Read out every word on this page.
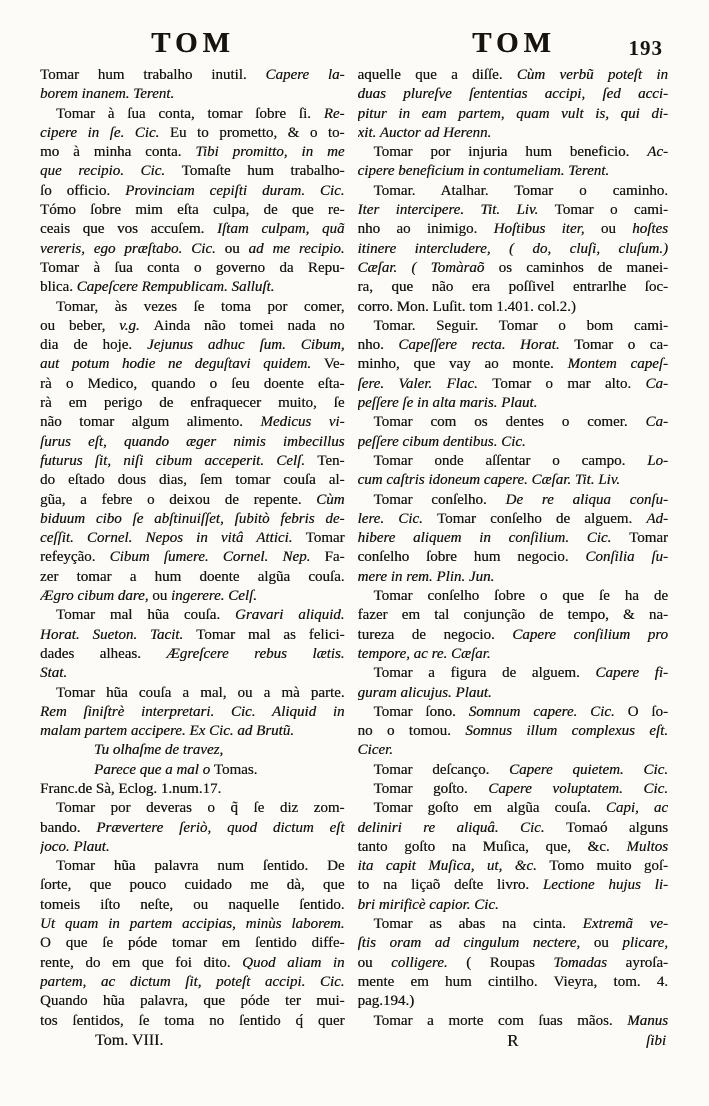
TOM	TOM	193
Tomar hum trabalho inutil. Capere la-
borem inanem. Terent.
Tomar à ſua conta, tomar ſobre ſi. Re-
cipere in ſe. Cic. Eu to prometto, & o to-
mo à minha conta. Tibi promitto, in me
que recipio. Cic. Tomaſte hum trabalho-
ſo officio. Provinciam cepiſti duram. Cic.
Tómo ſobre mim eſta culpa, de que re-
ceais que vos accuſem. Iſtam culpam, quã
vereris, ego præſtabo. Cic. ou ad me recipio.
Tomar à ſua conta o governo da Repu-
blica. Capeſcere Rempublicam. Salluſt.
Tomar, às vezes ſe toma por comer,
ou beber, v.g. Ainda não tomei nada no
dia de hoje. Jejunus adhuc ſum. Cibum,
aut potum hodie ne deguſtavi quidem. Ve-
rà o Medico, quando o ſeu doente eſta-
rà em perigo de enfraquecer muito, ſe
não tomar algum alimento. Medicus vi-
ſurus eſt, quando æger nimis imbecillus
futurus ſit, niſi cibum acceperit. Celſ. Ten-
do eſtado dous dias, ſem tomar couſa al-
gũa, a febre o deixou de repente. Cùm
biduum cibo ſe abſtinuiſſet, ſubitò febris de-
ceſſit. Cornel. Nepos in vitâ Attici. Tomar
refeyção. Cibum ſumere. Cornel. Nep. Fa-
zer tomar a hum doente algũa couſa.
Ægro cibum dare, ou ingerere. Celſ.
Tomar mal hũa couſa. Gravari aliquid.
Horat. Sueton. Tacit. Tomar mal as felici-
dades alheas. Ægreſcere rebus lætis.
Stat.
Tomar hũa couſa a mal, ou a mà parte.
Rem ſiniſtrè interpretari. Cic. Aliquid in
malam partem accipere. Ex Cic. ad Brutũ.
Tu olhaſme de travez,
Parece que a mal o Tomas.
Franc.de Sà, Eclog. 1.num.17.
Tomar por deveras o q̃ ſe diz zom-
bando. Prævertere ſeriò, quod dictum eſt
joco. Plaut.
Tomar hũa palavra num ſentido. De
ſorte, que pouco cuidado me dà, que
tomeis iſto neſte, ou naquelle ſentido.
Ut quam in partem accipias, minùs laborem.
O que ſe póde tomar em ſentido diffe-
rente, do em que foi dito. Quod aliam in
partem, ac dictum ſit, poteſt accipi. Cic.
Quando hũa palavra, que póde ter mui-
tos ſentidos, ſe toma no ſentido q́ quer
aquelle que a diſſe. Cùm verbũ poteſt in
duas plureſve ſententias accipi, ſed acci-
pitur in eam partem, quam vult is, qui di-
xit. Auctor ad Herenn.
Tomar por injuria hum beneficio. Ac-
cipere beneficium in contumeliam. Terent.
Tomar. Atalhar. Tomar o caminho.
Iter intercipere. Tit. Liv. Tomar o cami-
nho ao inimigo. Hoſtibus iter, ou hoſtes
itinere intercludere, ( do, cluſi, cluſum.)
Cæſar. ( Tomàraõ os caminhos de manei-
ra, que não era poſſivel entrarlhe ſoc-
corro. Mon. Luſit. tom 1.401. col.2.)
Tomar. Seguir. Tomar o bom cami-
nho. Capeſſere recta. Horat. Tomar o ca-
minho, que vay ao monte. Montem capeſ-
ſere. Valer. Flac. Tomar o mar alto. Ca-
peſſere ſe in alta maris. Plaut.
Tomar com os dentes o comer. Ca-
peſſere cibum dentibus. Cic.
Tomar onde aſſentar o campo. Lo-
cum caſtris idoneum capere. Cæſar. Tit. Liv.
Tomar conſelho. De re aliqua conſu-
lere. Cic. Tomar conſelho de alguem. Ad-
hibere aliquem in conſilium. Cic. Tomar
conſelho ſobre hum negocio. Conſilia ſu-
mere in rem. Plin. Jun.
Tomar conſelho ſobre o que ſe ha de
fazer em tal conjunção de tempo, & na-
tureza de negocio. Capere conſilium pro
tempore, ac re. Cæſar.
Tomar a figura de alguem. Capere fi-
guram alicujus. Plaut.
Tomar ſono. Somnum capere. Cic. O ſo-
no o tomou. Somnus illum complexus eſt.
Cicer.
Tomar deſcanço. Capere quietem. Cic.
Tomar goſto. Capere voluptatem. Cic.
Tomar goſto em algũa couſa. Capi, ac
deliniri re aliquâ. Cic. Tomaó alguns
tanto goſto na Muſica, que, &c. Multos
ita capit Muſica, ut, &c. Tomo muito goſ-
to na liçaõ deſte livro. Lectione hujus li-
bri mirificè capior. Cic.
Tomar as abas na cinta. Extremã ve-
ſtis oram ad cingulum nectere, ou plicare,
ou colligere. ( Roupas Tomadas ayroſa-
mente em hum cintilho. Vieyra, tom. 4.
pag.194.)
Tomar a morte com ſuas mãos. Manus
Tom. VIII.	R	ſibi
